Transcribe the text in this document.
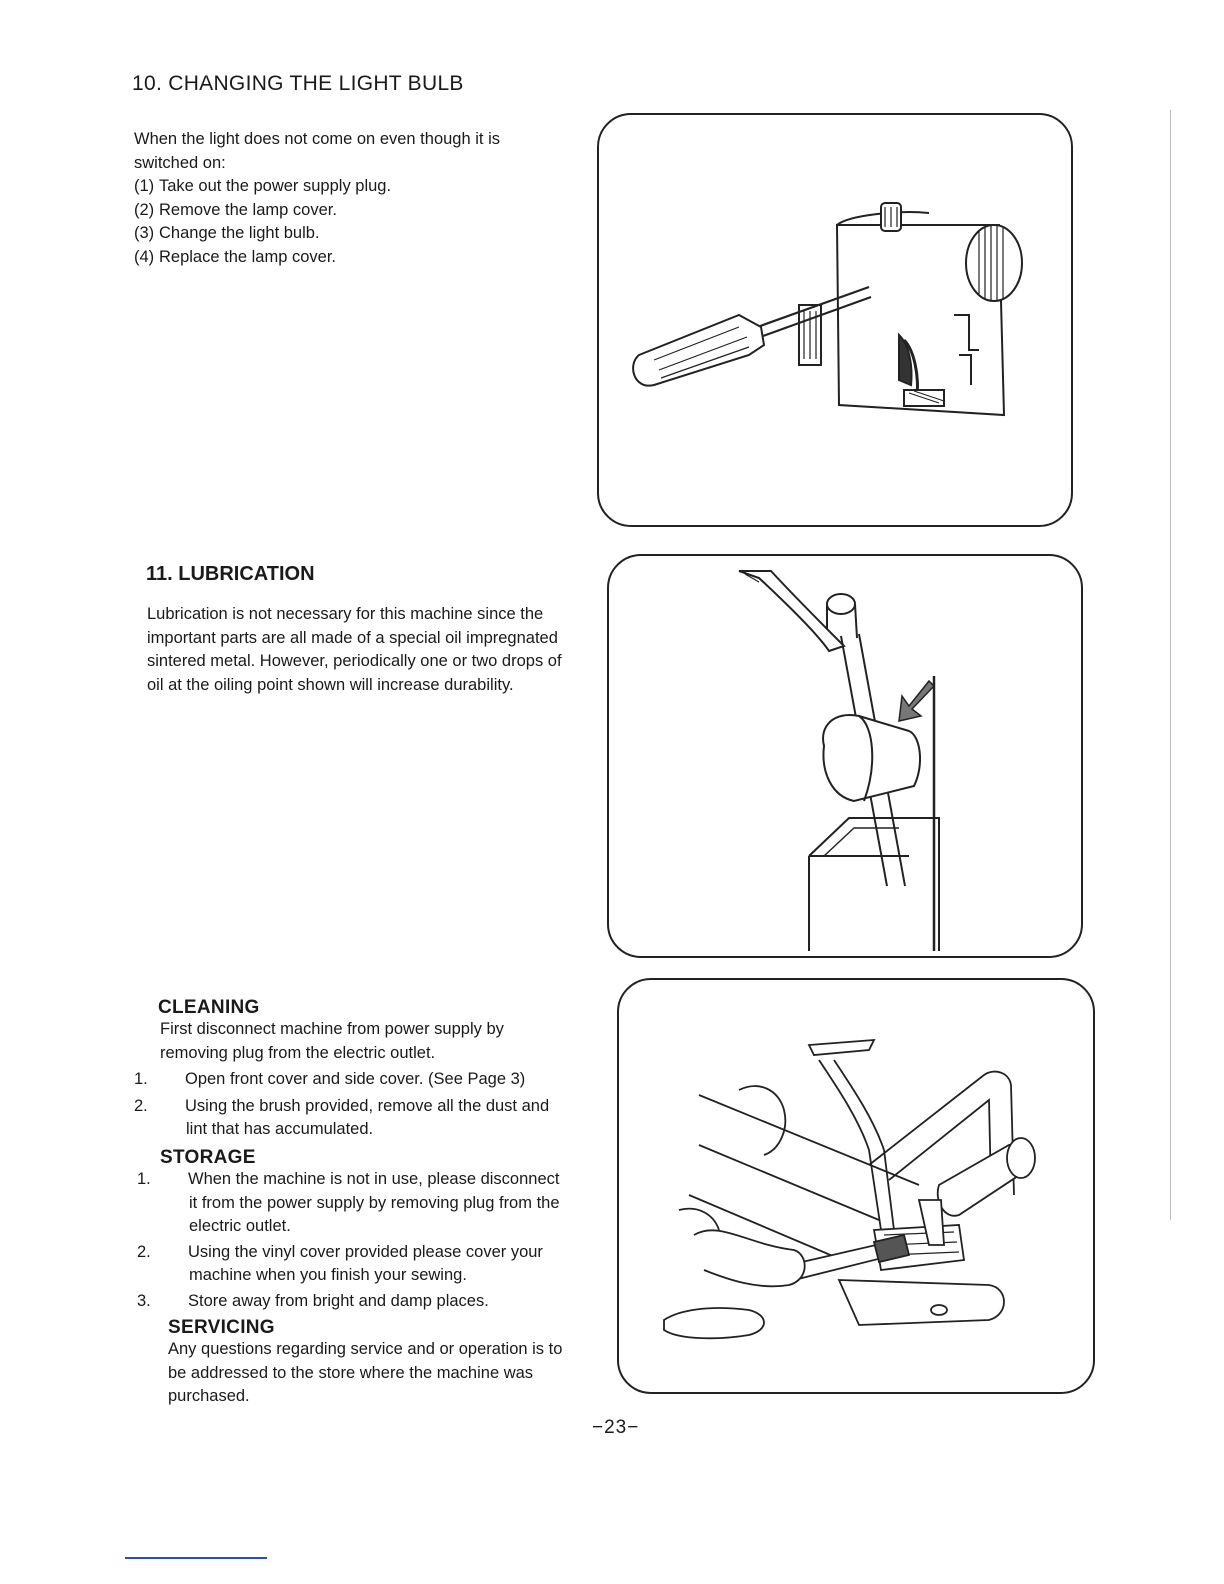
10. CHANGING THE LIGHT BULB

When the light does not come on even though it is switched on:

(1) Take out the power supply plug.
(2) Remove the lamp cover.
(3) Change the light bulb.
(4) Replace the lamp cover.
11. LUBRICATION
Lubrication is not necessary for this machine since the important parts are all made of a special oil impregnated sintered metal. However, periodically one or two drops of oil at the oiling point shown will increase durability.
CLEANING

First disconnect machine from power supply by removing plug from the electric outlet.

1. Open front cover and side cover. (See Page 3)
2. Using the brush provided, remove all the dust and lint that has accumulated.
STORAGE
1. When the machine is not in use, please disconnect it from the power supply by removing plug from the electric outlet.
2. Using the vinyl cover provided please cover your machine when you finish your sewing.
3. Store away from bright and damp places.
SERVICING
Any questions regarding service and or operation is to be addressed to the store where the machine was purchased.
−23−
